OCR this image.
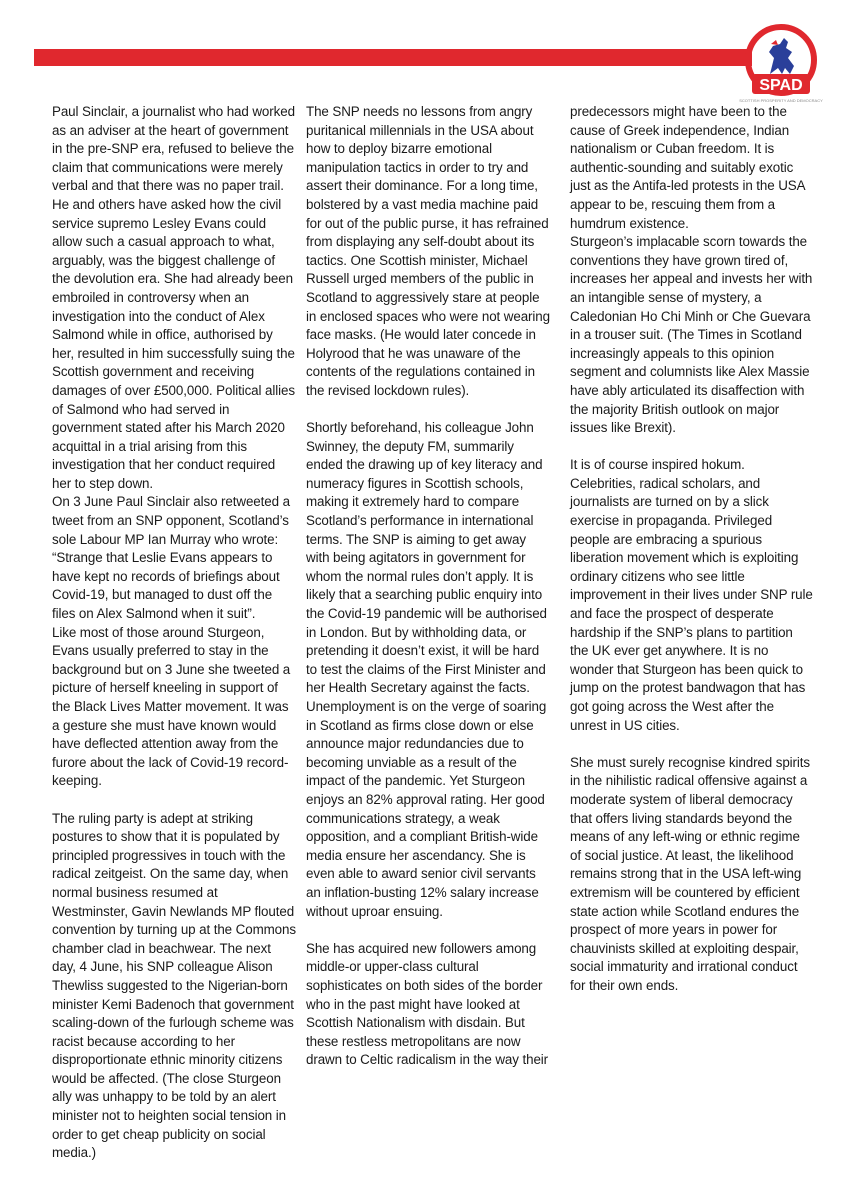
SPAD
SCOTTISH PROSPERITY AND DEMOCRACY

Paul Sinclair, a journalist who had worked as an adviser at the heart of government in the pre-SNP era, refused to believe the claim that communications were merely verbal and that there was no paper trail. He and others have asked how the civil service supremo Lesley Evans could allow such a casual approach to what, arguably, was the biggest challenge of the devolution era. She had already been embroiled in controversy when an investigation into the conduct of Alex Salmond while in office, authorised by her, resulted in him successfully suing the Scottish government and receiving damages of over £500,000. Political allies of Salmond who had served in government stated after his March 2020 acquittal in a trial arising from this investigation that her conduct required her to step down.

On 3 June Paul Sinclair also retweeted a tweet from an SNP opponent, Scotland’s sole Labour MP Ian Murray who wrote: “Strange that Leslie Evans appears to have kept no records of briefings about Covid-19, but managed to dust off the files on Alex Salmond when it suit”.

Like most of those around Sturgeon, Evans usually preferred to stay in the background but on 3 June she tweeted a picture of herself kneeling in support of the Black Lives Matter movement. It was a gesture she must have known would have deflected attention away from the furore about the lack of Covid-19 record-keeping.

The ruling party is adept at striking postures to show that it is populated by principled progressives in touch with the radical zeitgeist. On the same day, when normal business resumed at Westminster, Gavin Newlands MP flouted convention by turning up at the Commons chamber clad in beachwear. The next day, 4 June, his SNP colleague Alison Thewliss suggested to the Nigerian-born minister Kemi Badenoch that government scaling-down of the furlough scheme was racist because according to her disproportionate ethnic minority citizens would be affected. (The close Sturgeon ally was unhappy to be told by an alert minister not to heighten social tension in order to get cheap publicity on social media.)

The SNP needs no lessons from angry puritanical millennials in the USA about how to deploy bizarre emotional manipulation tactics in order to try and assert their dominance. For a long time, bolstered by a vast media machine paid for out of the public purse, it has refrained from displaying any self-doubt about its tactics. One Scottish minister, Michael Russell urged members of the public in Scotland to aggressively stare at people in enclosed spaces who were not wearing face masks. (He would later concede in Holyrood that he was unaware of the contents of the regulations contained in the revised lockdown rules).

Shortly beforehand, his colleague John Swinney, the deputy FM, summarily ended the drawing up of key literacy and numeracy figures in Scottish schools, making it extremely hard to compare Scotland’s performance in international terms. The SNP is aiming to get away with being agitators in government for whom the normal rules don’t apply. It is likely that a searching public enquiry into the Covid-19 pandemic will be authorised in London. But by withholding data, or pretending it doesn’t exist, it will be hard to test the claims of the First Minister and her Health Secretary against the facts. Unemployment is on the verge of soaring in Scotland as firms close down or else announce major redundancies due to becoming unviable as a result of the impact of the pandemic. Yet Sturgeon enjoys an 82% approval rating. Her good communications strategy, a weak opposition, and a compliant British-wide media ensure her ascendancy. She is even able to award senior civil servants an inflation-busting 12% salary increase without uproar ensuing.

She has acquired new followers among middle-or upper-class cultural sophisticates on both sides of the border who in the past might have looked at Scottish Nationalism with disdain. But these restless metropolitans are now drawn to Celtic radicalism in the way their

predecessors might have been to the cause of Greek independence, Indian nationalism or Cuban freedom. It is authentic-sounding and suitably exotic just as the Antifa-led protests in the USA appear to be, rescuing them from a humdrum existence.

Sturgeon’s implacable scorn towards the conventions they have grown tired of, increases her appeal and invests her with an intangible sense of mystery, a Caledonian Ho Chi Minh or Che Guevara in a trouser suit. (The Times in Scotland increasingly appeals to this opinion segment and columnists like Alex Massie have ably articulated its disaffection with the majority British outlook on major issues like Brexit).

It is of course inspired hokum. Celebrities, radical scholars, and journalists are turned on by a slick exercise in propaganda. Privileged people are embracing a spurious liberation movement which is exploiting ordinary citizens who see little improvement in their lives under SNP rule and face the prospect of desperate hardship if the SNP’s plans to partition the UK ever get anywhere. It is no wonder that Sturgeon has been quick to jump on the protest bandwagon that has got going across the West after the unrest in US cities.

She must surely recognise kindred spirits in the nihilistic radical offensive against a moderate system of liberal democracy that offers living standards beyond the means of any left-wing or ethnic regime of social justice. At least, the likelihood remains strong that in the USA left-wing extremism will be countered by efficient state action while Scotland endures the prospect of more years in power for chauvinists skilled at exploiting despair, social immaturity and irrational conduct for their own ends.
